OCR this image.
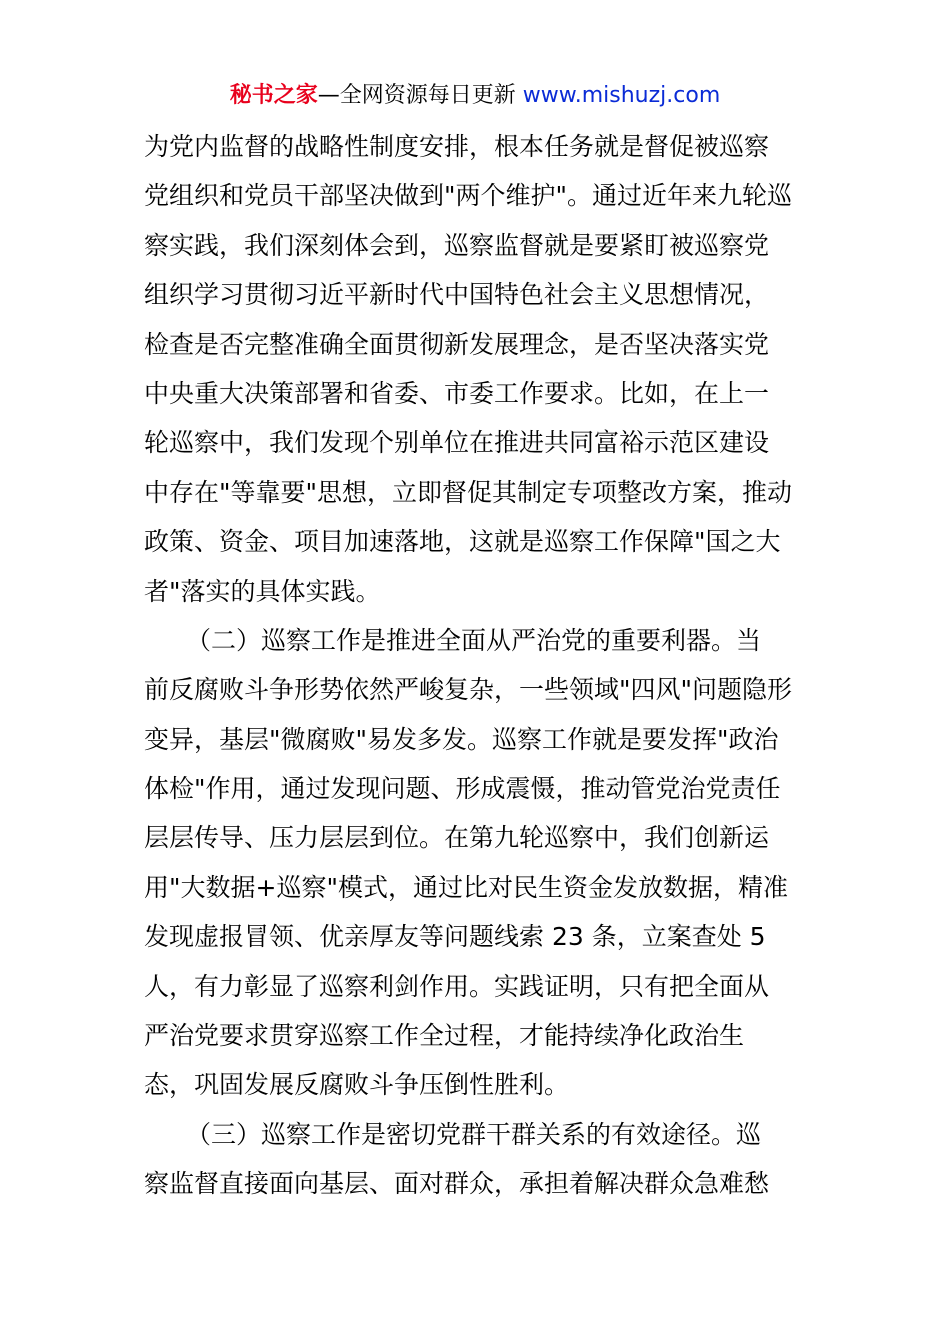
秘书之家—全网资源每日更新 www.mishuzj.com
为党内监督的战略性制度安排，根本任务就是督促被巡察
党组织和党员干部坚决做到"两个维护"。通过近年来九轮巡
察实践，我们深刻体会到，巡察监督就是要紧盯被巡察党
组织学习贯彻习近平新时代中国特色社会主义思想情况，
检查是否完整准确全面贯彻新发展理念，是否坚决落实党
中央重大决策部署和省委、市委工作要求。比如，在上一
轮巡察中，我们发现个别单位在推进共同富裕示范区建设
中存在"等靠要"思想，立即督促其制定专项整改方案，推动
政策、资金、项目加速落地，这就是巡察工作保障"国之大
者"落实的具体实践。
（二）巡察工作是推进全面从严治党的重要利器。当
前反腐败斗争形势依然严峻复杂，一些领域"四风"问题隐形
变异，基层"微腐败"易发多发。巡察工作就是要发挥"政治
体检"作用，通过发现问题、形成震慑，推动管党治党责任
层层传导、压力层层到位。在第九轮巡察中，我们创新运
用"大数据+巡察"模式，通过比对民生资金发放数据，精准
发现虚报冒领、优亲厚友等问题线索 23 条，立案查处 5
人，有力彰显了巡察利剑作用。实践证明，只有把全面从
严治党要求贯穿巡察工作全过程，才能持续净化政治生
态，巩固发展反腐败斗争压倒性胜利。
（三）巡察工作是密切党群干群关系的有效途径。巡
察监督直接面向基层、面对群众，承担着解决群众急难愁
